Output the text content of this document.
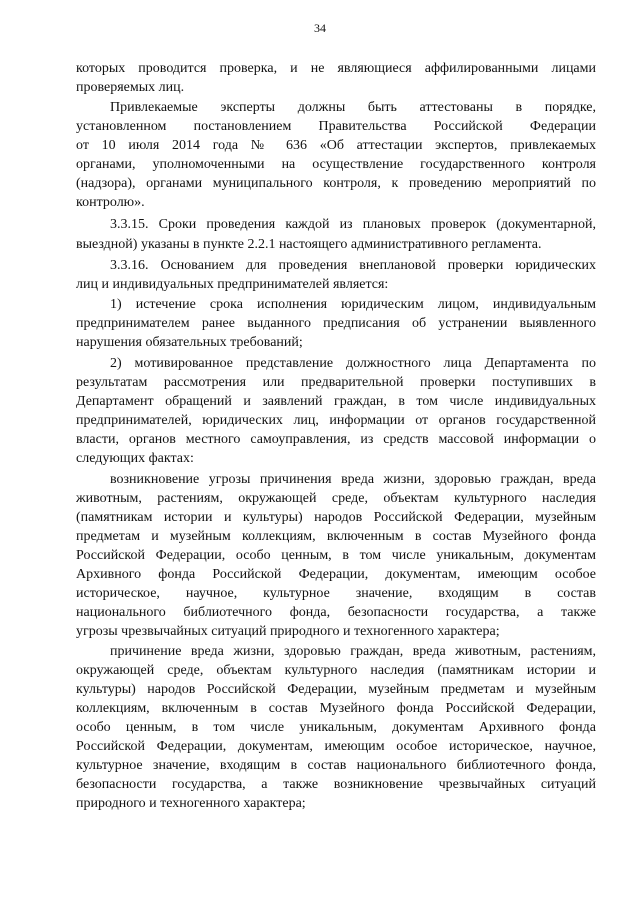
34
которых проводится проверка, и не являющиеся аффилированными лицами
проверяемых лиц.
Привлекаемые эксперты должны быть аттестованы в порядке,
установленном постановлением Правительства Российской Федерации
от 10 июля 2014 года № 636 «Об аттестации экспертов, привлекаемых
органами, уполномоченными на осуществление государственного контроля
(надзора), органами муниципального контроля, к проведению мероприятий по
контролю».
3.3.15. Сроки проведения каждой из плановых проверок (документарной,
выездной) указаны в пункте 2.2.1 настоящего административного регламента.
3.3.16. Основанием для проведения внеплановой проверки юридических
лиц и индивидуальных предпринимателей является:
1) истечение срока исполнения юридическим лицом, индивидуальным
предпринимателем ранее выданного предписания об устранении выявленного
нарушения обязательных требований;
2) мотивированное представление должностного лица Департамента по
результатам рассмотрения или предварительной проверки поступивших в
Департамент обращений и заявлений граждан, в том числе индивидуальных
предпринимателей, юридических лиц, информации от органов государственной
власти, органов местного самоуправления, из средств массовой информации о
следующих фактах:
возникновение угрозы причинения вреда жизни, здоровью граждан, вреда
животным, растениям, окружающей среде, объектам культурного наследия
(памятникам истории и культуры) народов Российской Федерации, музейным
предметам и музейным коллекциям, включенным в состав Музейного фонда
Российской Федерации, особо ценным, в том числе уникальным, документам
Архивного фонда Российской Федерации, документам, имеющим особое
историческое, научное, культурное значение, входящим в состав
национального библиотечного фонда, безопасности государства, а также
угрозы чрезвычайных ситуаций природного и техногенного характера;
причинение вреда жизни, здоровью граждан, вреда животным, растениям,
окружающей среде, объектам культурного наследия (памятникам истории и
культуры) народов Российской Федерации, музейным предметам и музейным
коллекциям, включенным в состав Музейного фонда Российской Федерации,
особо ценным, в том числе уникальным, документам Архивного фонда
Российской Федерации, документам, имеющим особое историческое, научное,
культурное значение, входящим в состав национального библиотечного фонда,
безопасности государства, а также возникновение чрезвычайных ситуаций
природного и техногенного характера;
